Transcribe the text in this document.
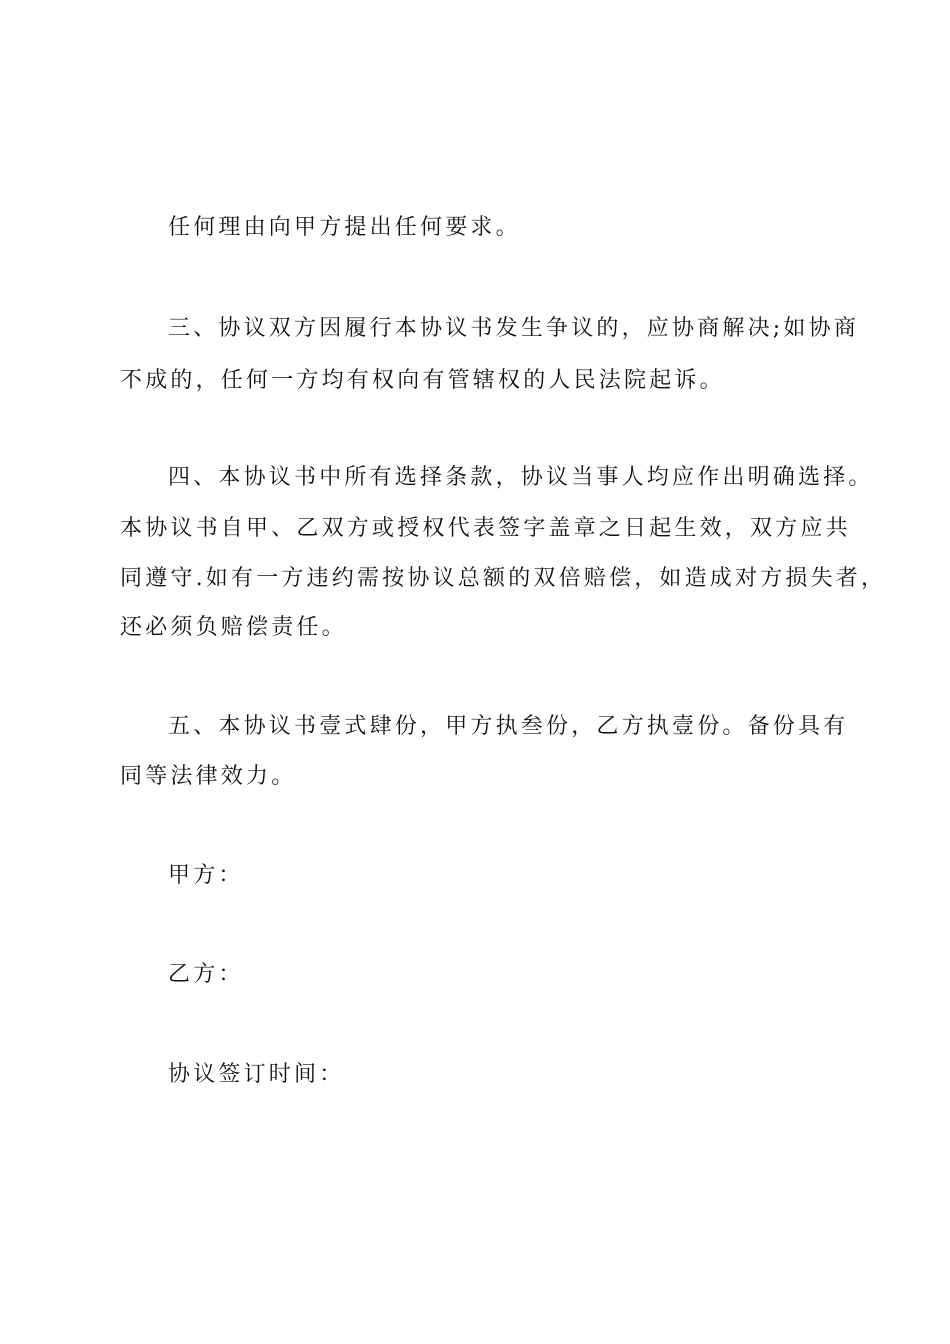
任何理由向甲方提出任何要求。
三、协议双方因履行本协议书发生争议的，应协商解决;如协商
不成的，任何一方均有权向有管辖权的人民法院起诉。
四、本协议书中所有选择条款，协议当事人均应作出明确选择。
本协议书自甲、乙双方或授权代表签字盖章之日起生效，双方应共
同遵守.如有一方违约需按协议总额的双倍赔偿，如造成对方损失者，
还必须负赔偿责任。
五、本协议书壹式肆份，甲方执叁份，乙方执壹份。备份具有
同等法律效力。
甲方：
乙方：
协议签订时间：
